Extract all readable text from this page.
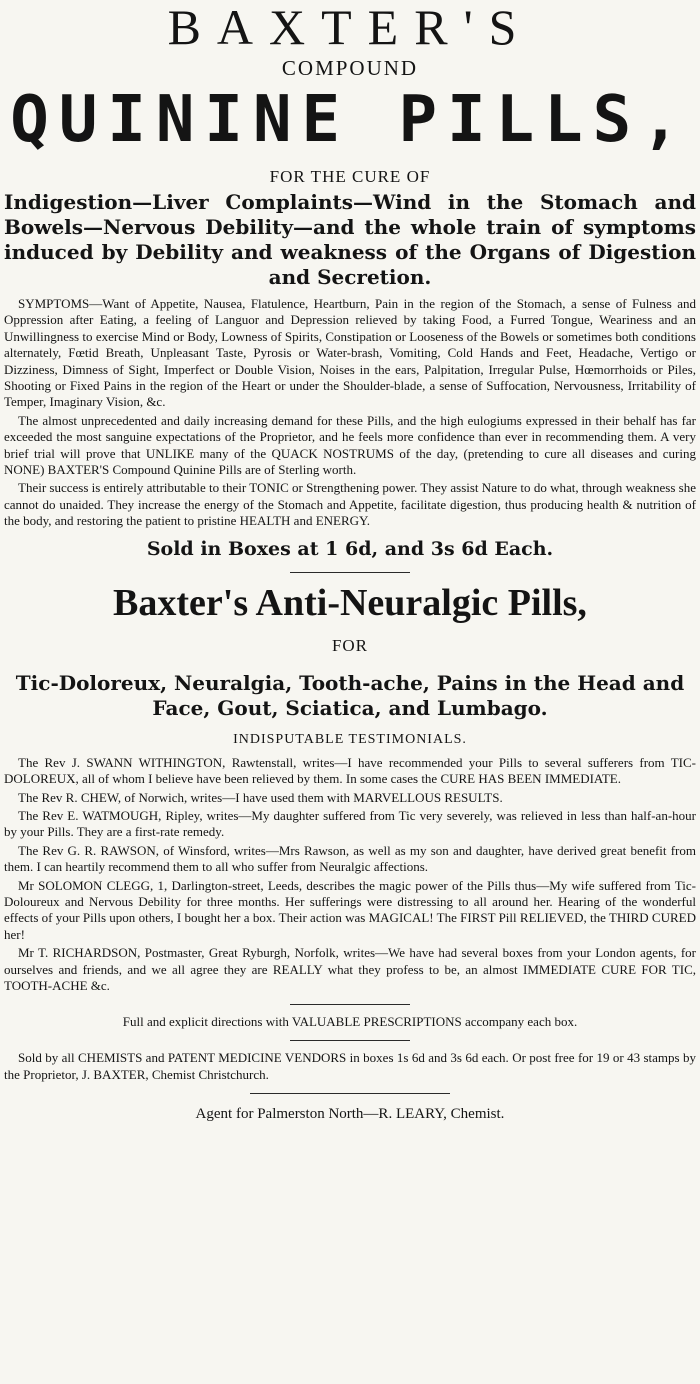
BAXTER'S
COMPOUND
QUININE PILLS,
FOR THE CURE OF
Indigestion—Liver Complaints—Wind in the Stomach and Bowels—Nervous Debility—and the whole train of symptoms induced by Debility and weakness of the Organs of Digestion and Secretion.

SYMPTOMS—Want of Appetite, Nausea, Flatulence, Heartburn, Pain in the region of the Stomach, a sense of Fulness and Oppression after Eating, a feeling of Languor and Depression relieved by taking Food, a Furred Tongue, Weariness and an Unwillingness to exercise Mind or Body, Lowness of Spirits, Constipation or Looseness of the Bowels or sometimes both conditions alternately, Fœtid Breath, Unpleasant Taste, Pyrosis or Water-brash, Vomiting, Cold Hands and Feet, Headache, Vertigo or Dizziness, Dimness of Sight, Imperfect or Double Vision, Noises in the ears, Palpitation, Irregular Pulse, Hœmorrhoids or Piles, Shooting or Fixed Pains in the region of the Heart or under the Shoulder-blade, a sense of Suffocation, Nervousness, Irritability of Temper, Imaginary Vision, &c.

The almost unprecedented and daily increasing demand for these Pills, and the high eulogiums expressed in their behalf has far exceeded the most sanguine expectations of the Proprietor, and he feels more confidence than ever in recommending them. A very brief trial will prove that UNLIKE many of the QUACK NOSTRUMS of the day, (pretending to cure all diseases and curing NONE) BAXTER'S Compound Quinine Pills are of Sterling worth.

Their success is entirely attributable to their TONIC or Strengthening power. They assist Nature to do what, through weakness she cannot do unaided. They increase the energy of the Stomach and Appetite, facilitate digestion, thus producing health & nutrition of the body, and restoring the patient to pristine HEALTH and ENERGY.

Sold in Boxes at 1 6d, and 3s 6d Each.
Baxter's Anti-Neuralgic Pills,
FOR
Tic-Doloreux, Neuralgia, Tooth-ache, Pains in the Head and Face, Gout, Sciatica, and Lumbago.
INDISPUTABLE TESTIMONIALS.

The Rev J. SWANN WITHINGTON, Rawtenstall, writes—I have recommended your Pills to several sufferers from TIC-DOLOREUX, all of whom I believe have been relieved by them. In some cases the CURE HAS BEEN IMMEDIATE.

The Rev R. CHEW, of Norwich, writes—I have used them with MARVELLOUS RESULTS.

The Rev E. WATMOUGH, Ripley, writes—My daughter suffered from Tic very severely, was relieved in less than half-an-hour by your Pills. They are a first-rate remedy.

The Rev G. R. RAWSON, of Winsford, writes—Mrs Rawson, as well as my son and daughter, have derived great benefit from them. I can heartily recommend them to all who suffer from Neuralgic affections.

Mr SOLOMON CLEGG, 1, Darlington-street, Leeds, describes the magic power of the Pills thus—My wife suffered from Tic-Doloureux and Nervous Debility for three months. Her sufferings were distressing to all around her. Hearing of the wonderful effects of your Pills upon others, I bought her a box. Their action was MAGICAL! The FIRST Pill RELIEVED, the THIRD CURED her!

Mr T. RICHARDSON, Postmaster, Great Ryburgh, Norfolk, writes—We have had several boxes from your London agents, for ourselves and friends, and we all agree they are REALLY what they profess to be, an almost IMMEDIATE CURE FOR TIC, TOOTH-ACHE &c.

Full and explicit directions with VALUABLE PRESCRIPTIONS accompany each box.
Sold by all CHEMISTS and PATENT MEDICINE VENDORS in boxes 1s 6d and 3s 6d each. Or post free for 19 or 43 stamps by the Proprietor, J. BAXTER, Chemist Christchurch.
Agent for Palmerston North—R. LEARY, Chemist.
